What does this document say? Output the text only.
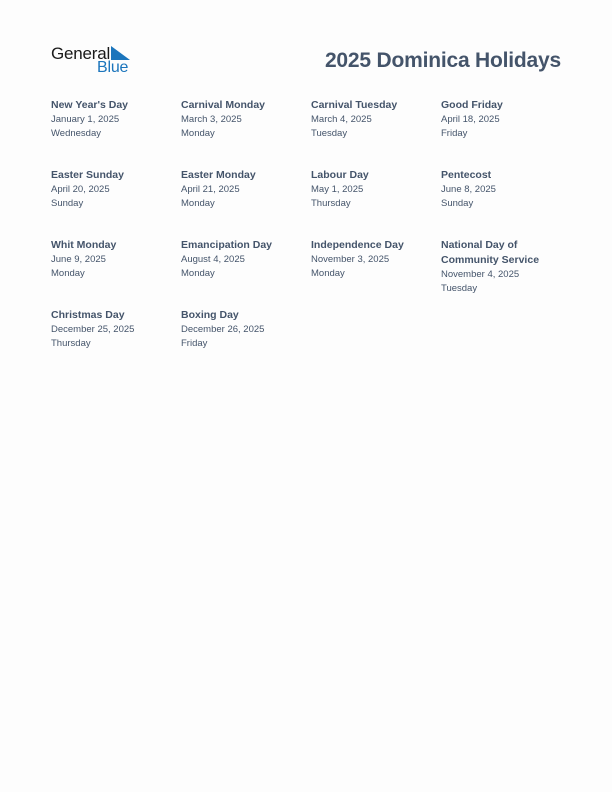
General
Blue	2025 Dominica Holidays
New Year's Day
January 1, 2025
Wednesday
Carnival Monday
March 3, 2025
Monday
Carnival Tuesday
March 4, 2025
Tuesday
Good Friday
April 18, 2025
Friday
Easter Sunday
April 20, 2025
Sunday
Easter Monday
April 21, 2025
Monday
Labour Day
May 1, 2025
Thursday
Pentecost
June 8, 2025
Sunday
Whit Monday
June 9, 2025
Monday
Emancipation Day
August 4, 2025
Monday
Independence Day
November 3, 2025
Monday
National Day of Community Service
November 4, 2025
Tuesday
Christmas Day
December 25, 2025
Thursday
Boxing Day
December 26, 2025
Friday
